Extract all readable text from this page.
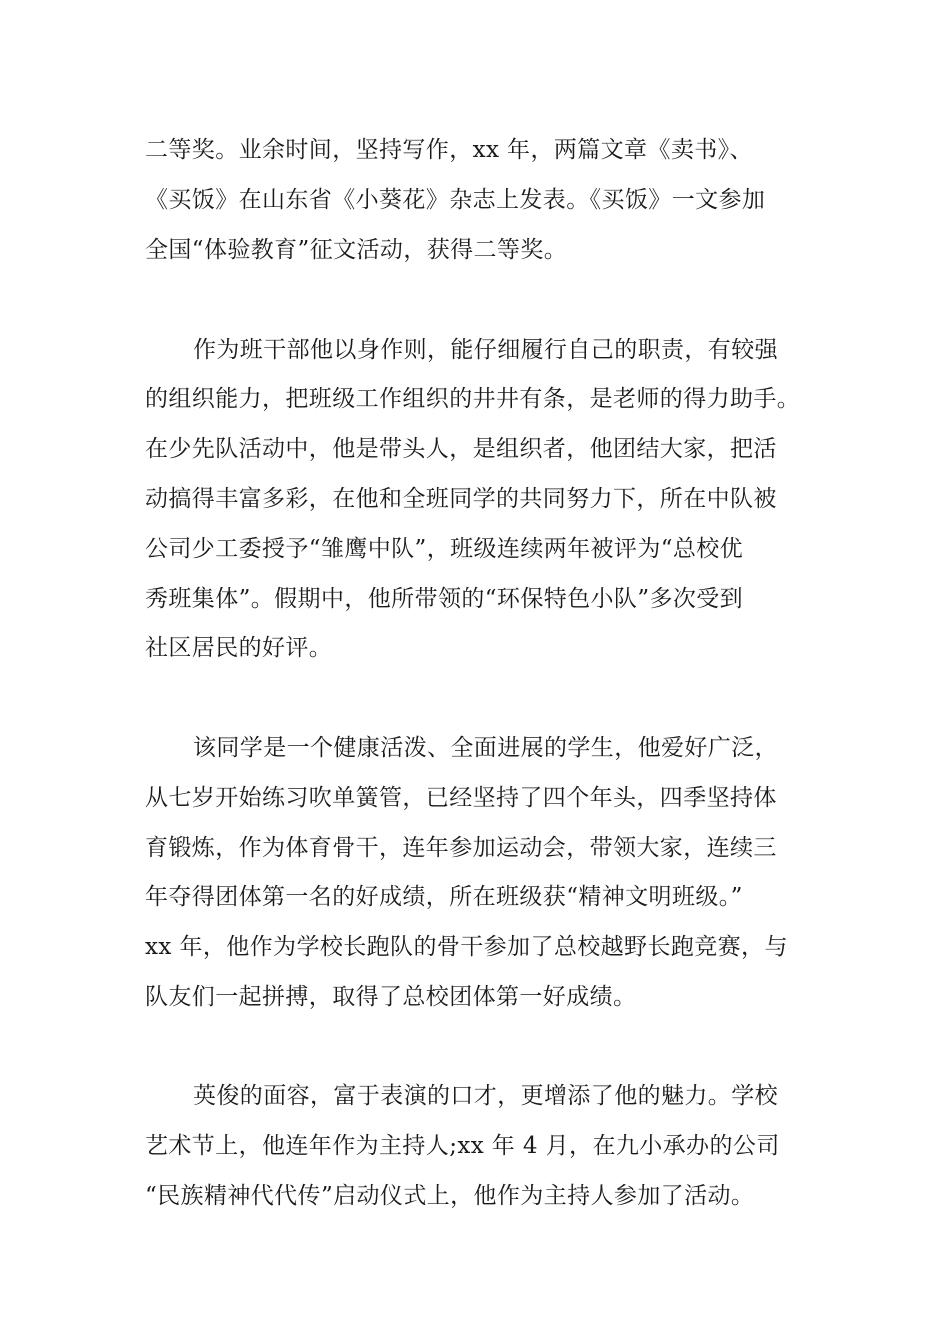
二等奖。业余时间，坚持写作，xx 年，两篇文章《卖书》、
《买饭》在山东省《小葵花》杂志上发表。《买饭》一文参加
全国“体验教育”征文活动，获得二等奖。
作为班干部他以身作则，能仔细履行自己的职责，有较强
的组织能力，把班级工作组织的井井有条，是老师的得力助手。
在少先队活动中，他是带头人，是组织者，他团结大家，把活
动搞得丰富多彩，在他和全班同学的共同努力下，所在中队被
公司少工委授予“雏鹰中队”，班级连续两年被评为“总校优
秀班集体”。假期中，他所带领的“环保特色小队”多次受到
社区居民的好评。
该同学是一个健康活泼、全面进展的学生，他爱好广泛，
从七岁开始练习吹单簧管，已经坚持了四个年头，四季坚持体
育锻炼，作为体育骨干，连年参加运动会，带领大家，连续三
年夺得团体第一名的好成绩，所在班级获“精神文明班级。”
xx 年，他作为学校长跑队的骨干参加了总校越野长跑竞赛，与
队友们一起拼搏，取得了总校团体第一好成绩。
英俊的面容，富于表演的口才，更增添了他的魅力。学校
艺术节上，他连年作为主持人;xx 年 4 月，在九小承办的公司
“民族精神代代传”启动仪式上，他作为主持人参加了活动。
